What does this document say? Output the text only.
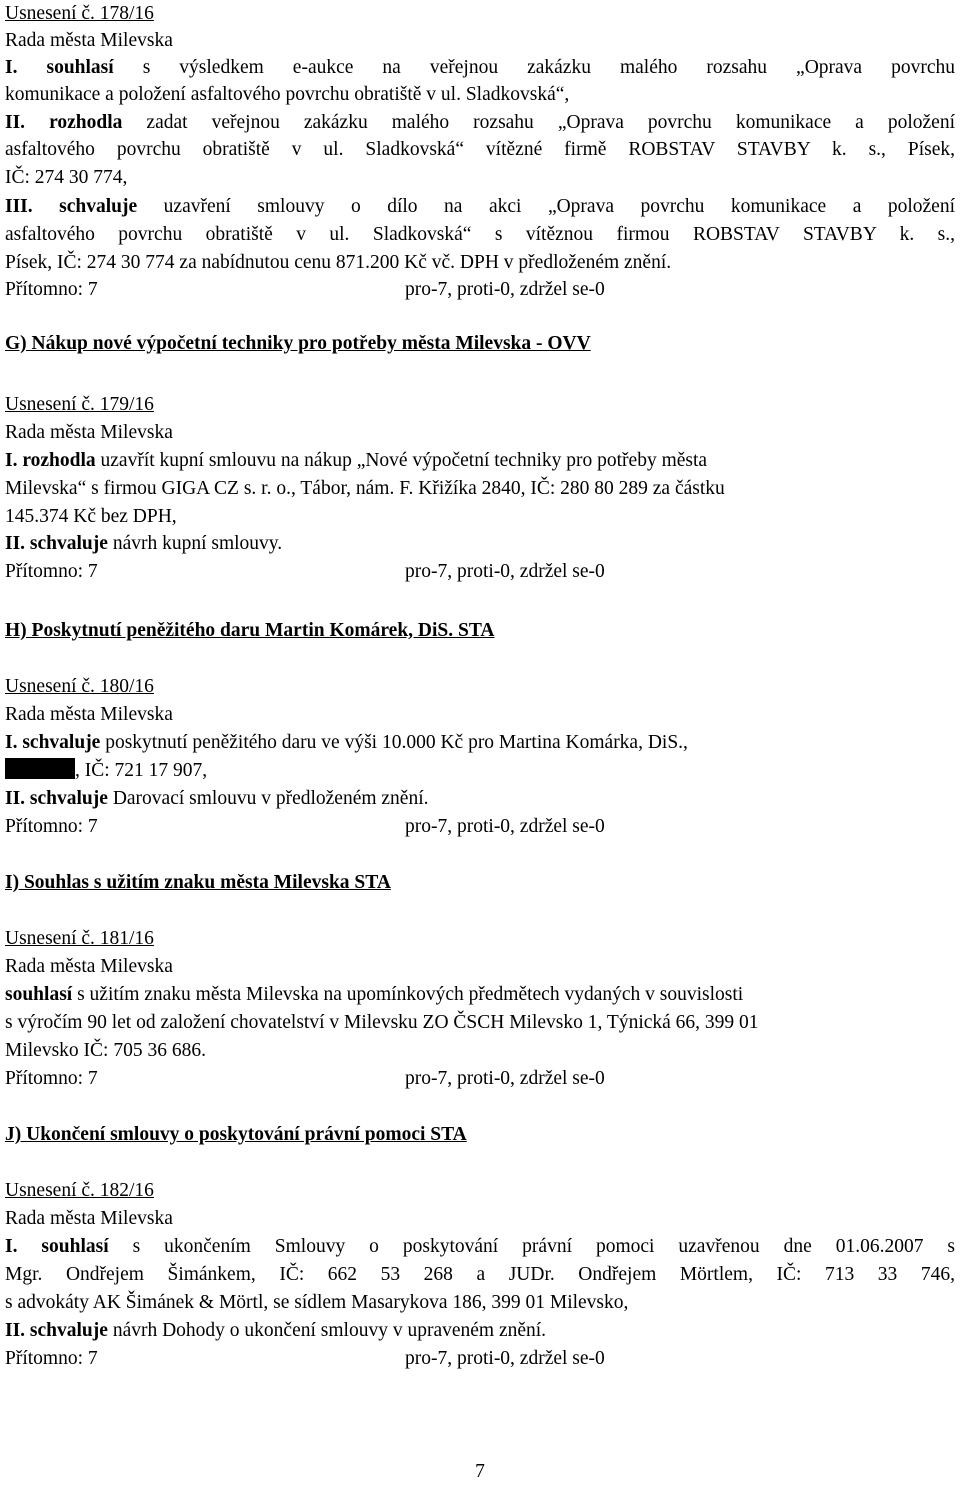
Usnesení č. 178/16
Rada města Milevska
I. souhlasí s výsledkem e-aukce na veřejnou zakázku malého rozsahu „Oprava povrchu
komunikace a položení asfaltového povrchu obratiště v ul. Sladkovská“,
II. rozhodla zadat veřejnou zakázku malého rozsahu „Oprava povrchu komunikace a položení
asfaltového povrchu obratiště v ul. Sladkovská“ vítězné firmě ROBSTAV STAVBY k. s., Písek,
IČ: 274 30 774,
III. schvaluje uzavření smlouvy o dílo na akci „Oprava povrchu komunikace a položení
asfaltového povrchu obratiště v ul. Sladkovská“ s vítěznou firmou ROBSTAV STAVBY k. s.,
Písek, IČ: 274 30 774 za nabídnutou cenu 871.200 Kč vč. DPH v předloženém znění.
Přítomno: 7	pro-7, proti-0, zdržel se-0
G) Nákup nové výpočetní techniky pro potřeby města Milevska - OVV
Usnesení č. 179/16
Rada města Milevska
I. rozhodla uzavřít kupní smlouvu na nákup „Nové výpočetní techniky pro potřeby města
Milevska“ s firmou GIGA CZ s. r. o., Tábor, nám. F. Křižíka 2840, IČ: 280 80 289 za částku
145.374 Kč bez DPH,
II. schvaluje návrh kupní smlouvy.
Přítomno: 7	pro-7, proti-0, zdržel se-0
H) Poskytnutí peněžitého daru Martin Komárek, DiS. STA
Usnesení č. 180/16
Rada města Milevska
I. schvaluje poskytnutí peněžitého daru ve výši 10.000 Kč pro Martina Komárka, DiS.,
, IČ: 721 17 907,
II. schvaluje Darovací smlouvu v předloženém znění.
Přítomno: 7	pro-7, proti-0, zdržel se-0
I) Souhlas s užitím znaku města Milevska STA
Usnesení č. 181/16
Rada města Milevska
souhlasí s užitím znaku města Milevska na upomínkových předmětech vydaných v souvislosti
s výročím 90 let od založení chovatelství v Milevsku ZO ČSCH Milevsko 1, Týnická 66, 399 01
Milevsko IČ: 705 36 686.
Přítomno: 7	pro-7, proti-0, zdržel se-0
J) Ukončení smlouvy o poskytování právní pomoci STA
Usnesení č. 182/16
Rada města Milevska
I. souhlasí s ukončením Smlouvy o poskytování právní pomoci uzavřenou dne 01.06.2007 s
Mgr. Ondřejem Šimánkem, IČ: 662 53 268 a JUDr. Ondřejem Mörtlem, IČ: 713 33 746,
s advokáty AK Šimánek & Mörtl, se sídlem Masarykova 186, 399 01 Milevsko,
II. schvaluje návrh Dohody o ukončení smlouvy v upraveném znění.
Přítomno: 7	pro-7, proti-0, zdržel se-0
7
